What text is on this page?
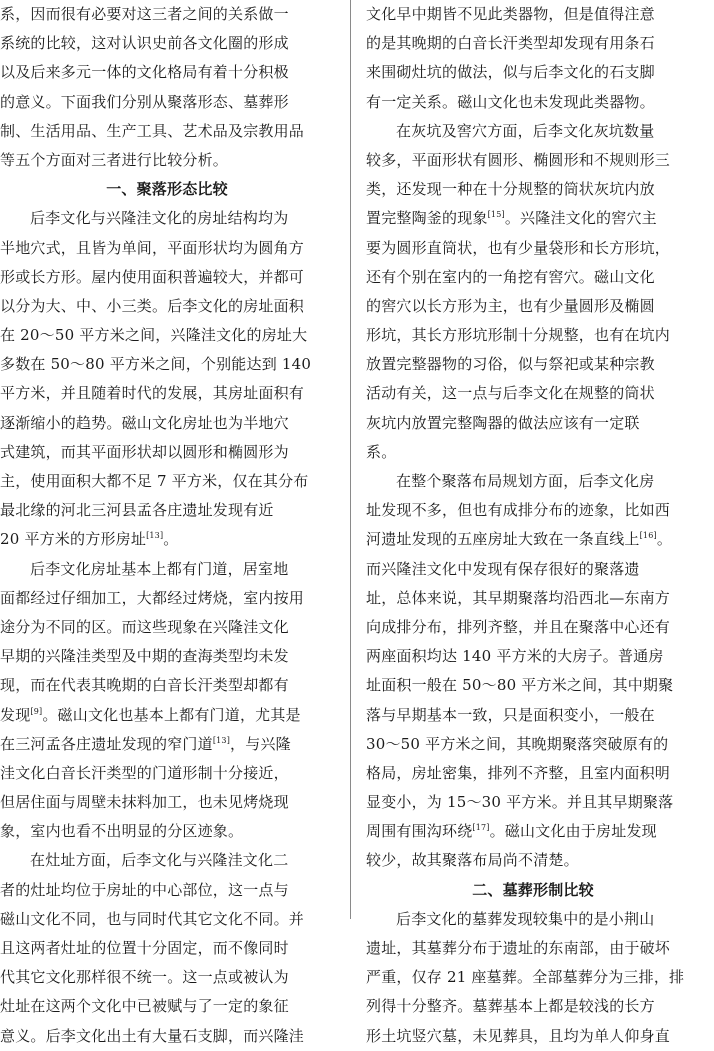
系，因而很有必要对这三者之间的关系做一
系统的比较，这对认识史前各文化圈的形成
以及后来多元一体的文化格局有着十分积极
的意义。下面我们分别从聚落形态、墓葬形
制、生活用品、生产工具、艺术品及宗教用品
等五个方面对三者进行比较分析。
一、聚落形态比较
后李文化与兴隆洼文化的房址结构均为
半地穴式，且皆为单间，平面形状均为圆角方
形或长方形。屋内使用面积普遍较大，并都可
以分为大、中、小三类。后李文化的房址面积
在 20～50 平方米之间，兴隆洼文化的房址大
多数在 50～80 平方米之间，个别能达到 140
平方米，并且随着时代的发展，其房址面积有
逐渐缩小的趋势。磁山文化房址也为半地穴
式建筑，而其平面形状却以圆形和椭圆形为
主，使用面积大都不足 7 平方米，仅在其分布
最北缘的河北三河县孟各庄遗址发现有近
20 平方米的方形房址[13]。
后李文化房址基本上都有门道，居室地
面都经过仔细加工，大都经过烤烧，室内按用
途分为不同的区。而这些现象在兴隆洼文化
早期的兴隆洼类型及中期的查海类型均未发
现，而在代表其晚期的白音长汗类型却都有
发现[9]。磁山文化也基本上都有门道，尤其是
在三河孟各庄遗址发现的窄门道[13]，与兴隆
洼文化白音长汗类型的门道形制十分接近，
但居住面与周壁未抹料加工，也未见烤烧现
象，室内也看不出明显的分区迹象。
在灶址方面，后李文化与兴隆洼文化二
者的灶址均位于房址的中心部位，这一点与
磁山文化不同，也与同时代其它文化不同。并
且这两者灶址的位置十分固定，而不像同时
代其它文化那样很不统一。这一点或被认为
灶址在这两个文化中已被赋与了一定的象征
意义。后李文化出土有大量石支脚，而兴隆洼
文化早中期皆不见此类器物，但是值得注意
的是其晚期的白音长汗类型却发现有用条石
来围砌灶坑的做法，似与后李文化的石支脚
有一定关系。磁山文化也未发现此类器物。
在灰坑及窖穴方面，后李文化灰坑数量
较多，平面形状有圆形、椭圆形和不规则形三
类，还发现一种在十分规整的筒状灰坑内放
置完整陶釜的现象[15]。兴隆洼文化的窖穴主
要为圆形直筒状，也有少量袋形和长方形坑，
还有个别在室内的一角挖有窖穴。磁山文化
的窖穴以长方形为主，也有少量圆形及椭圆
形坑，其长方形坑形制十分规整，也有在坑内
放置完整器物的习俗，似与祭祀或某种宗教
活动有关，这一点与后李文化在规整的筒状
灰坑内放置完整陶器的做法应该有一定联
系。
在整个聚落布局规划方面，后李文化房
址发现不多，但也有成排分布的迹象，比如西
河遗址发现的五座房址大致在一条直线上[16]。
而兴隆洼文化中发现有保存很好的聚落遗
址，总体来说，其早期聚落均沿西北—东南方
向成排分布，排列齐整，并且在聚落中心还有
两座面积均达 140 平方米的大房子。普通房
址面积一般在 50～80 平方米之间，其中期聚
落与早期基本一致，只是面积变小，一般在
30～50 平方米之间，其晚期聚落突破原有的
格局，房址密集，排列不齐整，且室内面积明
显变小，为 15～30 平方米。并且其早期聚落
周围有围沟环绕[17]。磁山文化由于房址发现
较少，故其聚落布局尚不清楚。
二、墓葬形制比较
后李文化的墓葬发现较集中的是小荆山
遗址，其墓葬分布于遗址的东南部，由于破坏
严重，仅存 21 座墓葬。全部墓葬分为三排，排
列得十分整齐。墓葬基本上都是较浅的长方
形土坑竖穴墓，未见葬具，且均为单人仰身直
